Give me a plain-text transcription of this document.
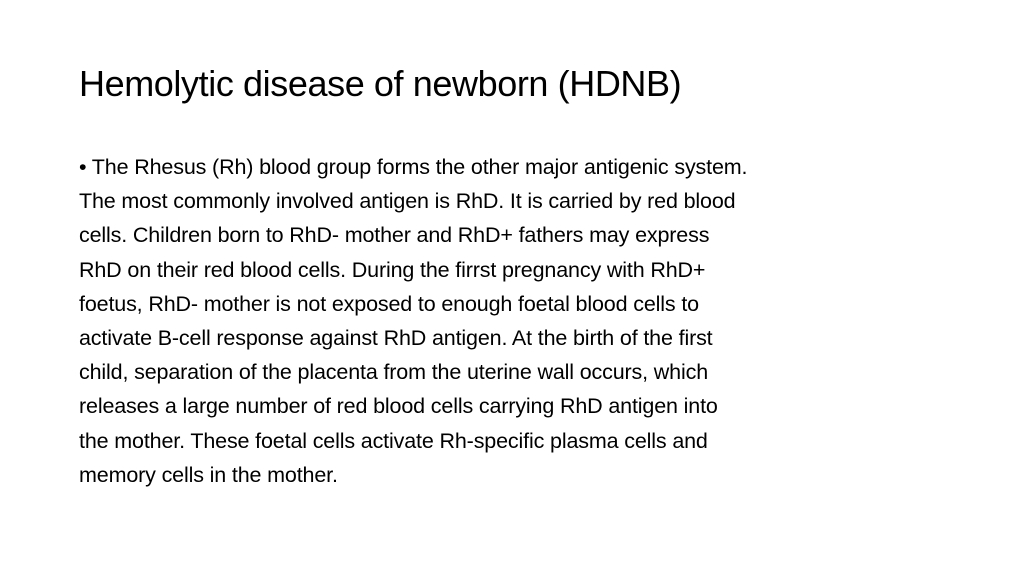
Hemolytic disease of newborn (HDNB)
• The Rhesus (Rh) blood group forms the other major antigenic system.
The most commonly involved antigen is RhD. It is carried by red blood
cells. Children born to RhD- mother and RhD+ fathers may express
RhD on their red blood cells. During the firrst pregnancy with RhD+
foetus, RhD- mother is not exposed to enough foetal blood cells to
activate B-cell response against RhD antigen. At the birth of the first
child, separation of the placenta from the uterine wall occurs, which
releases a large number of red blood cells carrying RhD antigen into
the mother. These foetal cells activate Rh-specific plasma cells and
memory cells in the mother.
